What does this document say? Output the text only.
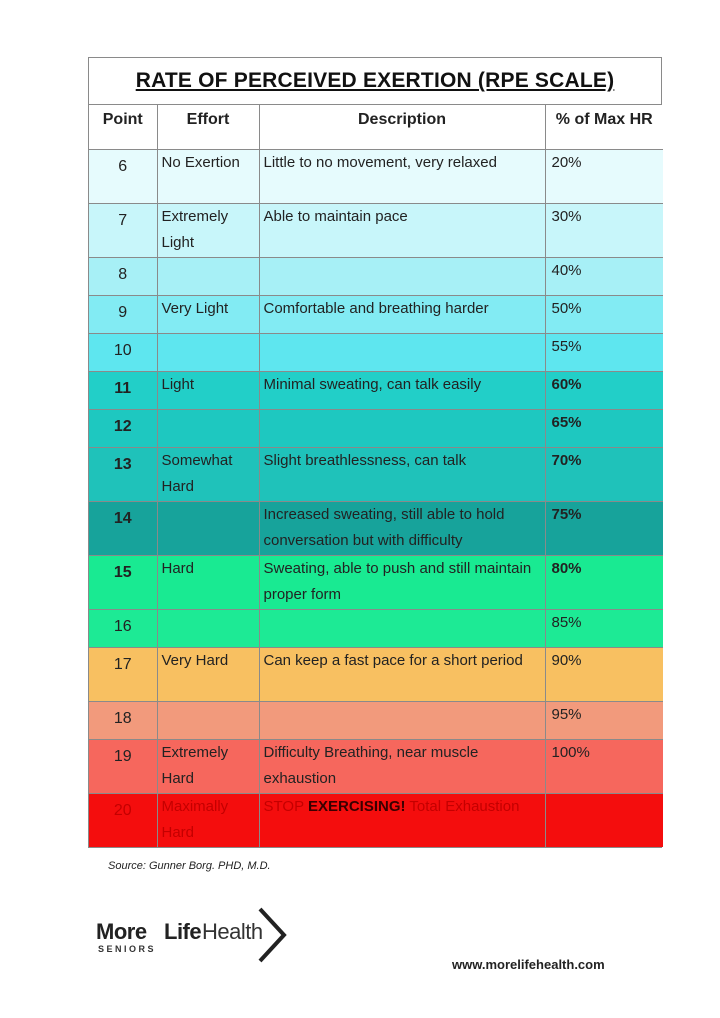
RATE OF PERCEIVED EXERTION (RPE SCALE)
Point	Effort	Description	% of Max HR
6	No Exertion	Little to no movement, very relaxed	20%
7	Extremely Light	Able to maintain pace	30%
8			40%
9	Very Light	Comfortable and breathing harder	50%
10			55%
11	Light	Minimal sweating, can talk easily	60%
12			65%
13	Somewhat Hard	Slight breathlessness, can talk	70%
14		Increased sweating, still able to hold conversation but with difficulty	75%
15	Hard	Sweating, able to push and still maintain proper form	80%
16			85%
17	Very Hard	Can keep a fast pace for a short period	90%
18			95%
19	Extremely Hard	Difficulty Breathing, near muscle exhaustion	100%
20	Maximally Hard	STOP EXERCISING! Total Exhaustion	
Source: Gunner Borg. PHD, M.D.
More Life Health
SENIORS
www.morelifehealth.com
